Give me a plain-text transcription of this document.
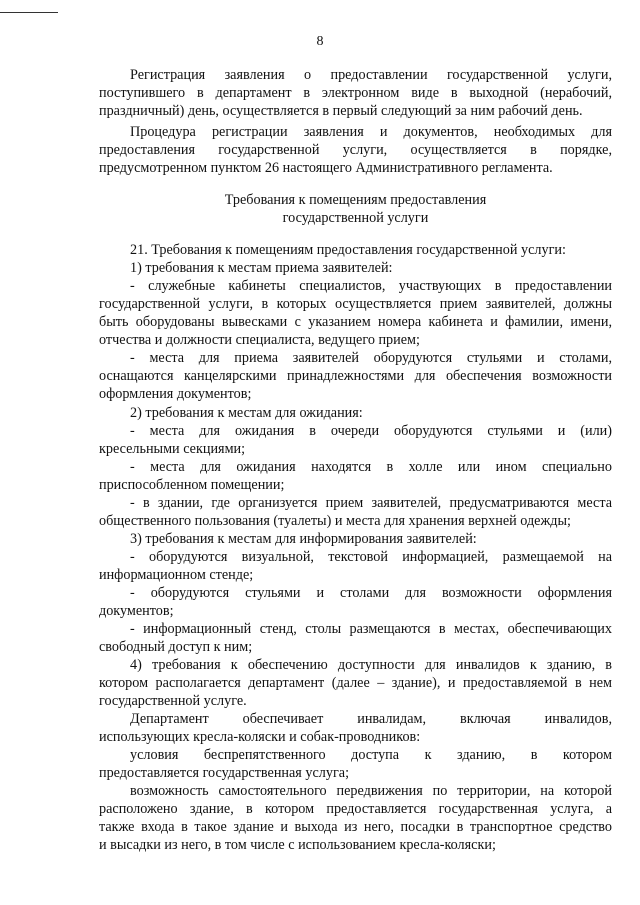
8
Регистрация заявления о предоставлении государственной услуги,
поступившего в департамент в электронном виде в выходной (нерабочий,
праздничный) день, осуществляется в первый следующий за ним рабочий день.
Процедура регистрации заявления и документов, необходимых для
предоставления государственной услуги, осуществляется в порядке,
предусмотренном пунктом 26 настоящего Административного регламента.
Требования к помещениям предоставления
государственной услуги
21. Требования к помещениям предоставления государственной услуги:
1) требования к местам приема заявителей:
- служебные кабинеты специалистов, участвующих в предоставлении
государственной услуги, в которых осуществляется прием заявителей, должны
быть оборудованы вывесками с указанием номера кабинета и фамилии, имени,
отчества и должности специалиста, ведущего прием;
- места для приема заявителей оборудуются стульями и столами,
оснащаются канцелярскими принадлежностями для обеспечения возможности
оформления документов;
2) требования к местам для ожидания:
- места для ожидания в очереди оборудуются стульями и (или)
кресельными секциями;
- места для ожидания находятся в холле или ином специально
приспособленном помещении;
- в здании, где организуется прием заявителей, предусматриваются места
общественного пользования (туалеты) и места для хранения верхней одежды;
3) требования к местам для информирования заявителей:
- оборудуются визуальной, текстовой информацией, размещаемой на
информационном стенде;
- оборудуются стульями и столами для возможности оформления
документов;
- информационный стенд, столы размещаются в местах, обеспечивающих
свободный доступ к ним;
4) требования к обеспечению доступности для инвалидов к зданию, в
котором располагается департамент (далее – здание), и предоставляемой в нем
государственной услуге.
Департамент обеспечивает инвалидам, включая инвалидов,
использующих кресла-коляски и собак-проводников:
условия беспрепятственного доступа к зданию, в котором
предоставляется государственная услуга;
возможность самостоятельного передвижения по территории, на которой
расположено здание, в котором предоставляется государственная услуга, а
также входа в такое здание и выхода из него, посадки в транспортное средство
и высадки из него, в том числе с использованием кресла-коляски;
